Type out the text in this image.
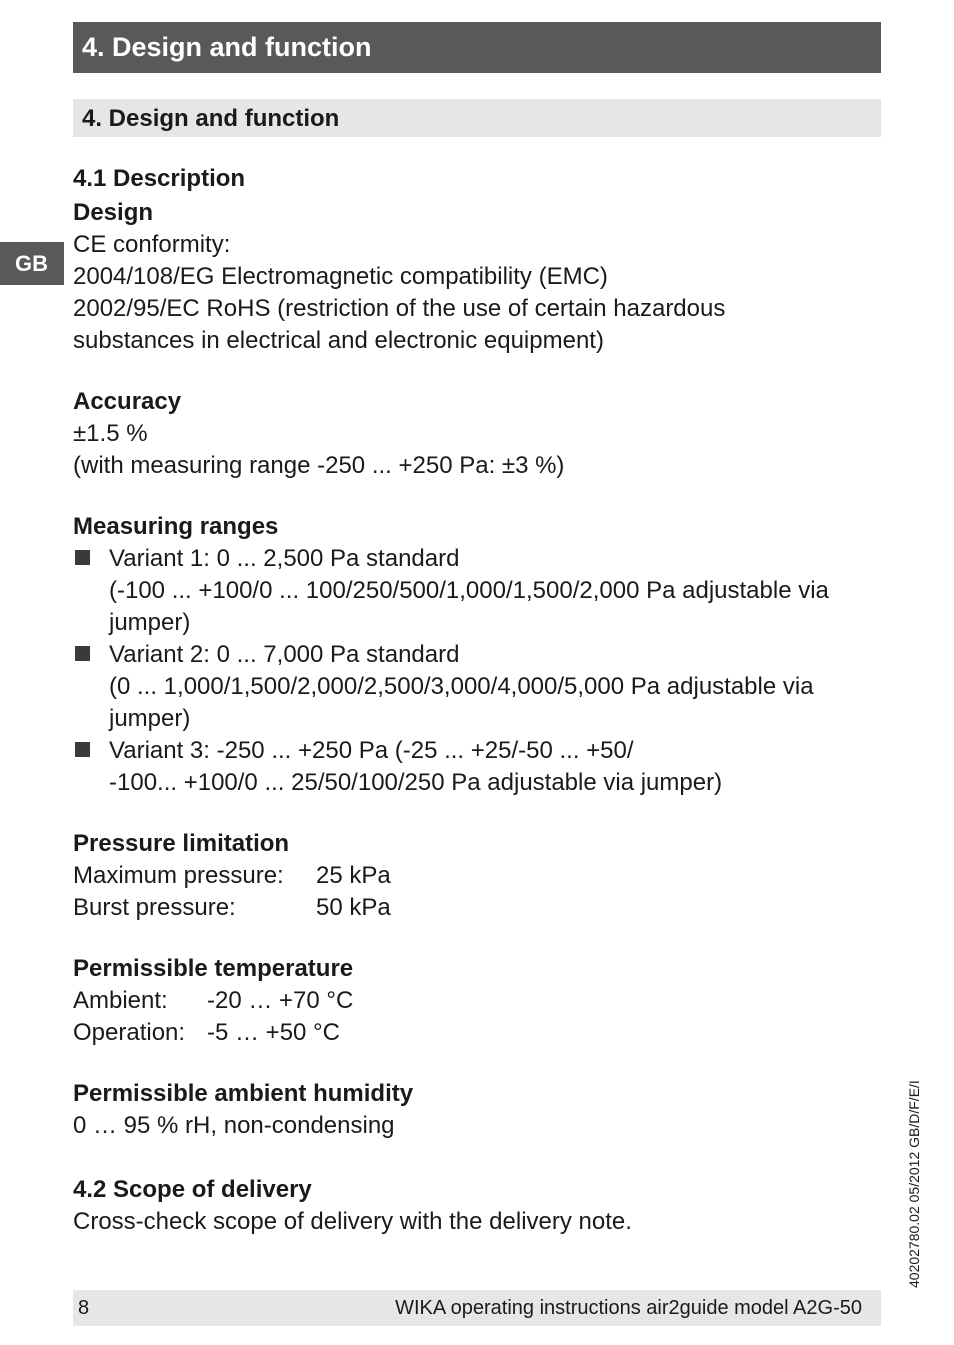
4. Design and function
4. Design and function
GB

4.1 Description

Design

CE conformity:

2004/108/EG Electromagnetic compatibility (EMC)

2002/95/EC RoHS (restriction of the use of certain hazardous

substances in electrical and electronic equipment)

Accuracy

±1.5 %

(with measuring range -250 ... +250 Pa: ±3 %)

Measuring ranges

Variant 1: 0 ... 2,500 Pa standard
(-100 ... +100/0 ... 100/250/500/1,000/1,500/2,000 Pa adjustable via
jumper)
Variant 2: 0 ... 7,000 Pa standard
(0 ... 1,000/1,500/2,000/2,500/3,000/4,000/5,000 Pa adjustable via
jumper)
Variant 3: -250 ... +250 Pa (-25 ... +25/-50 ... +50/
-100... +100/0 ... 25/50/100/250 Pa adjustable via jumper)

Pressure limitation

Maximum pressure:	25 kPa
Burst pressure:	50 kPa

Permissible temperature

Ambient:	-20 … +70 °C
Operation: -5 … +50 °C

Permissible ambient humidity

0 … 95 % rH, non-condensing

4.2 Scope of delivery

Cross-check scope of delivery with the delivery note.

8	WIKA operating instructions air2guide model A2G-50
40202780.02 05/2012 GB/D/F/E/I
